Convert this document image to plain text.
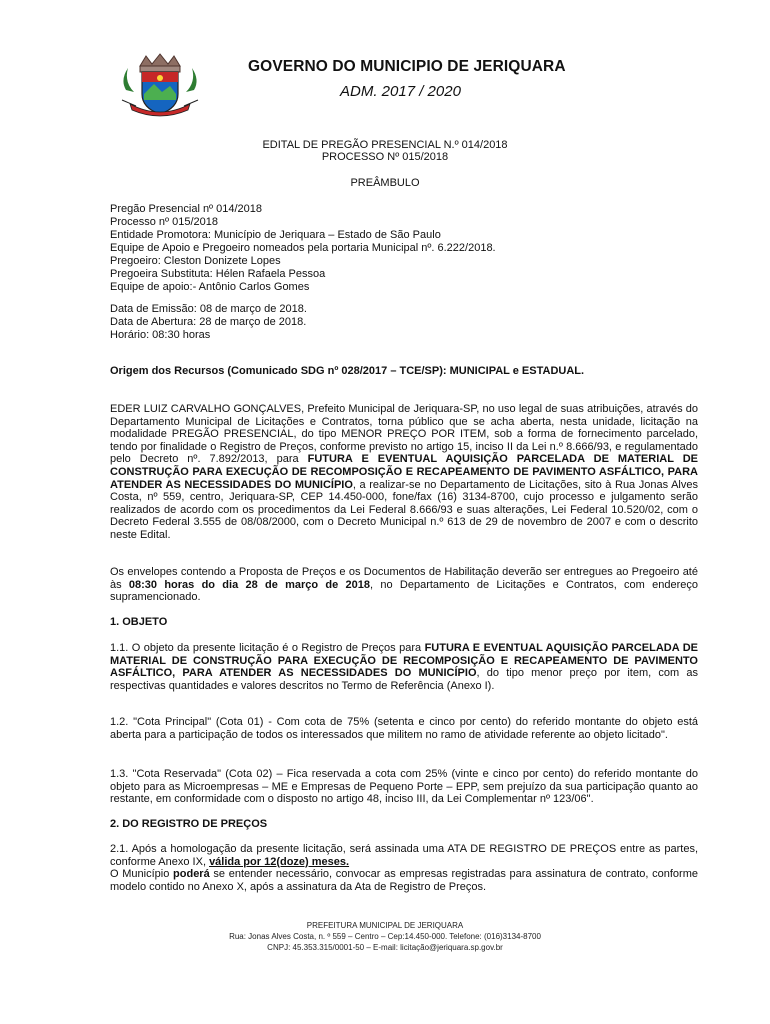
GOVERNO DO MUNICIPIO DE JERIQUARA
ADM. 2017 / 2020
EDITAL DE PREGÃO PRESENCIAL N.º 014/2018
PROCESSO Nº 015/2018
PREÂMBULO
Pregão Presencial nº 014/2018
Processo nº 015/2018
Entidade Promotora: Município de Jeriquara – Estado de São Paulo
Equipe de Apoio e Pregoeiro nomeados pela portaria Municipal nº. 6.222/2018.
Pregoeiro: Cleston Donizete Lopes
Pregoeira Substituta: Hélen Rafaela Pessoa
Equipe de apoio:- Antônio Carlos Gomes
Data de Emissão: 08 de março de 2018.
Data de Abertura: 28 de março de 2018.
Horário: 08:30 horas
Origem dos Recursos (Comunicado SDG nº 028/2017 – TCE/SP): MUNICIPAL e ESTADUAL.
EDER LUIZ CARVALHO GONÇALVES, Prefeito Municipal de Jeriquara-SP, no uso legal de suas atribuições, através do Departamento Municipal de Licitações e Contratos, torna público que se acha aberta, nesta unidade, licitação na modalidade PREGÃO PRESENCIAL, do tipo MENOR PREÇO POR ITEM, sob a forma de fornecimento parcelado, tendo por finalidade o Registro de Preços, conforme previsto no artigo 15, inciso II da Lei n.º 8.666/93, e regulamentado pelo Decreto nº. 7.892/2013, para FUTURA E EVENTUAL AQUISIÇÃO PARCELADA DE MATERIAL DE CONSTRUÇÃO PARA EXECUÇÃO DE RECOMPOSIÇÃO E RECAPEAMENTO DE PAVIMENTO ASFÁLTICO, PARA ATENDER AS NECESSIDADES DO MUNICÍPIO, a realizar-se no Departamento de Licitações, sito à Rua Jonas Alves Costa, nº 559, centro, Jeriquara-SP, CEP 14.450-000, fone/fax (16) 3134-8700, cujo processo e julgamento serão realizados de acordo com os procedimentos da Lei Federal 8.666/93 e suas alterações, Lei Federal 10.520/02, com o Decreto Federal 3.555 de 08/08/2000, com o Decreto Municipal n.º 613 de 29 de novembro de 2007 e com o descrito neste Edital.
Os envelopes contendo a Proposta de Preços e os Documentos de Habilitação deverão ser entregues ao Pregoeiro até às 08:30 horas do dia 28 de março de 2018, no Departamento de Licitações e Contratos, com endereço supramencionado.
1. OBJETO
1.1. O objeto da presente licitação é o Registro de Preços para FUTURA E EVENTUAL AQUISIÇÃO PARCELADA DE MATERIAL DE CONSTRUÇÃO PARA EXECUÇÃO DE RECOMPOSIÇÃO E RECAPEAMENTO DE PAVIMENTO ASFÁLTICO, PARA ATENDER AS NECESSIDADES DO MUNICÍPIO, do tipo menor preço por item, com as respectivas quantidades e valores descritos no Termo de Referência (Anexo I).
1.2. "Cota Principal" (Cota 01) - Com cota de 75% (setenta e cinco por cento) do referido montante do objeto está aberta para a participação de todos os interessados que militem no ramo de atividade referente ao objeto licitado".
1.3. "Cota Reservada" (Cota 02) – Fica reservada a cota com 25% (vinte e cinco por cento) do referido montante do objeto para as Microempresas – ME e Empresas de Pequeno Porte – EPP, sem prejuízo da sua participação quanto ao restante, em conformidade com o disposto no artigo 48, inciso III, da Lei Complementar nº 123/06".
2. DO REGISTRO DE PREÇOS
2.1. Após a homologação da presente licitação, será assinada uma ATA DE REGISTRO DE PREÇOS entre as partes, conforme Anexo IX, válida por 12(doze) meses.
O Município poderá se entender necessário, convocar as empresas registradas para assinatura de contrato, conforme modelo contido no Anexo X, após a assinatura da Ata de Registro de Preços.
PREFEITURA MUNICIPAL DE JERIQUARA
Rua: Jonas Alves Costa, n. º 559 – Centro – Cep:14.450-000. Telefone: (016)3134-8700
CNPJ: 45.353.315/0001-50 – E-mail: licitação@jeriquara.sp.gov.br
